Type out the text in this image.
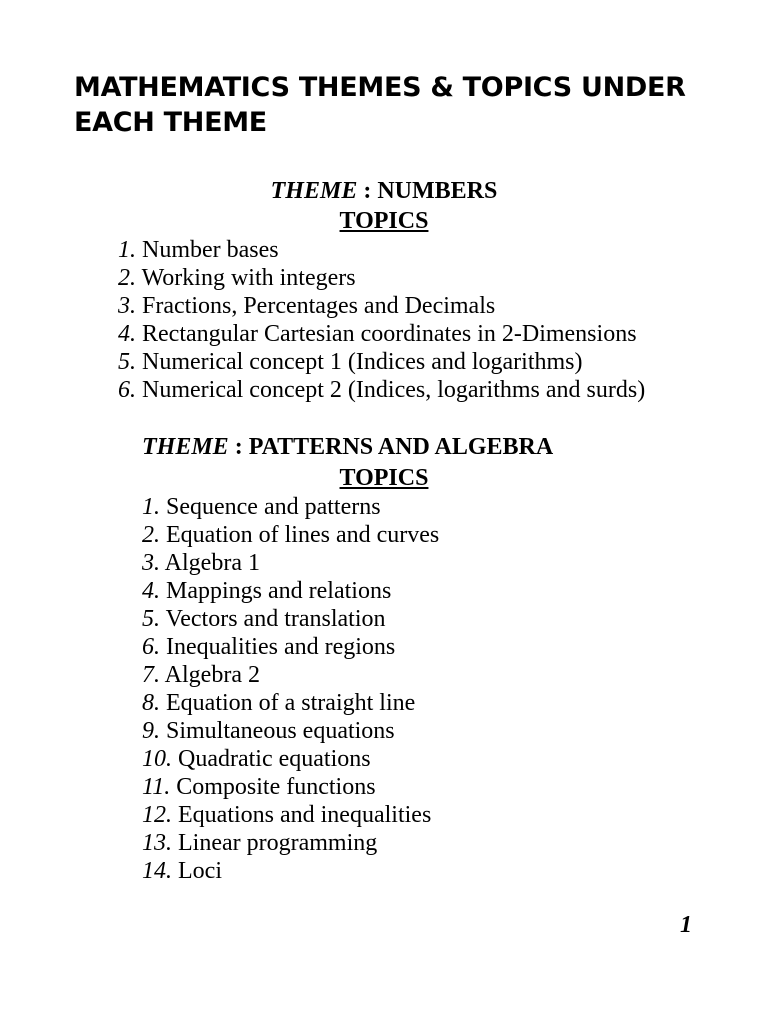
MATHEMATICS THEMES & TOPICS UNDER EACH THEME
THEME : NUMBERS
TOPICS
1. Number bases
2. Working with integers
3. Fractions, Percentages and Decimals
4. Rectangular Cartesian coordinates in 2-Dimensions
5. Numerical concept 1 (Indices and logarithms)
6. Numerical concept 2 (Indices, logarithms and surds)
THEME : PATTERNS AND ALGEBRA
TOPICS
1. Sequence and patterns
2. Equation of lines and curves
3. Algebra 1
4. Mappings and relations
5. Vectors and translation
6. Inequalities and regions
7. Algebra 2
8. Equation of a straight line
9. Simultaneous equations
10. Quadratic equations
11. Composite functions
12. Equations and inequalities
13. Linear programming
14. Loci
1
